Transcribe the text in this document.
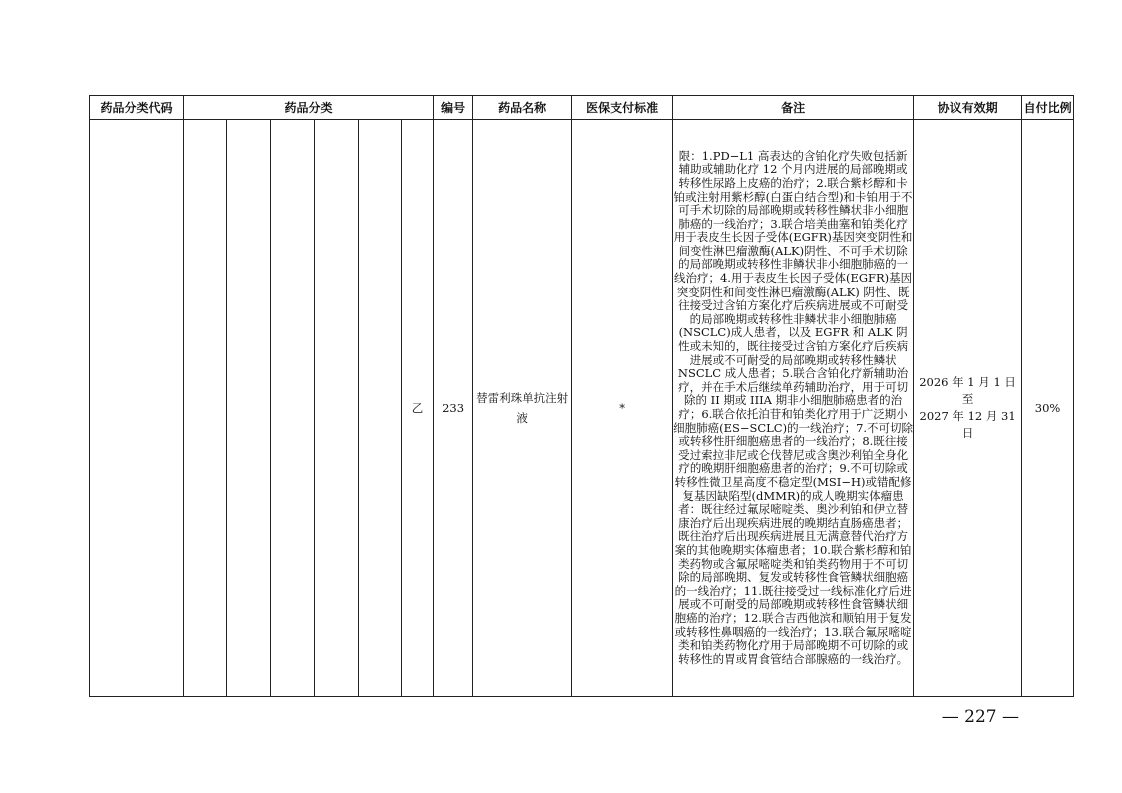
药品分类代码	药品分类						编号	药品名称	医保支付标准	备注	协议有效期	自付比例
						乙	233	替雷利珠单抗注射液	*	限：1.PD−L1 高表达的含铂化疗失败包括新辅助或辅助化疗 12 个月内进展的局部晚期或转移性尿路上皮癌的治疗；2.联合紫杉醇和卡铂或注射用紫杉醇(白蛋白结合型)和卡铂用于不可手术切除的局部晚期或转移性鳞状非小细胞肺癌的一线治疗；3.联合培美曲塞和铂类化疗用于表皮生长因子受体(EGFR)基因突变阴性和间变性淋巴瘤激酶(ALK)阴性、不可手术切除的局部晚期或转移性非鳞状非小细胞肺癌的一线治疗；4.用于表皮生长因子受体(EGFR)基因突变阴性和间变性淋巴瘤激酶(ALK) 阴性、既往接受过含铂方案化疗后疾病进展或不可耐受的局部晚期或转移性非鳞状非小细胞肺癌(NSCLC)成人患者，以及 EGFR 和 ALK 阴性或未知的，既往接受过含铂方案化疗后疾病进展或不可耐受的局部晚期或转移性鳞状 NSCLC 成人患者；5.联合含铂化疗新辅助治疗，并在手术后继续单药辅助治疗，用于可切除的 II 期或 IIIA 期非小细胞肺癌患者的治疗；6.联合依托泊苷和铂类化疗用于广泛期小细胞肺癌(ES−SCLC)的一线治疗；7.不可切除或转移性肝细胞癌患者的一线治疗；8.既往接受过索拉非尼或仑伐替尼或含奥沙利铂全身化疗的晚期肝细胞癌患者的治疗；9.不可切除或转移性微卫星高度不稳定型(MSI−H)或错配修复基因缺陷型(dMMR)的成人晚期实体瘤患者：既往经过氟尿嘧啶类、奥沙利铂和伊立替康治疗后出现疾病进展的晚期结直肠癌患者；既往治疗后出现疾病进展且无满意替代治疗方案的其他晚期实体瘤患者；10.联合紫杉醇和铂类药物或含氟尿嘧啶类和铂类药物用于不可切除的局部晚期、复发或转移性食管鳞状细胞癌的一线治疗；11.既往接受过一线标准化疗后进展或不可耐受的局部晚期或转移性食管鳞状细胞癌的治疗；12.联合吉西他滨和顺铂用于复发或转移性鼻咽癌的一线治疗；13.联合氟尿嘧啶类和铂类药物化疗用于局部晚期不可切除的或转移性的胃或胃食管结合部腺癌的一线治疗。	2026 年 1 月 1 日至
2027 年 12 月 31 日	30%
— 227 —
